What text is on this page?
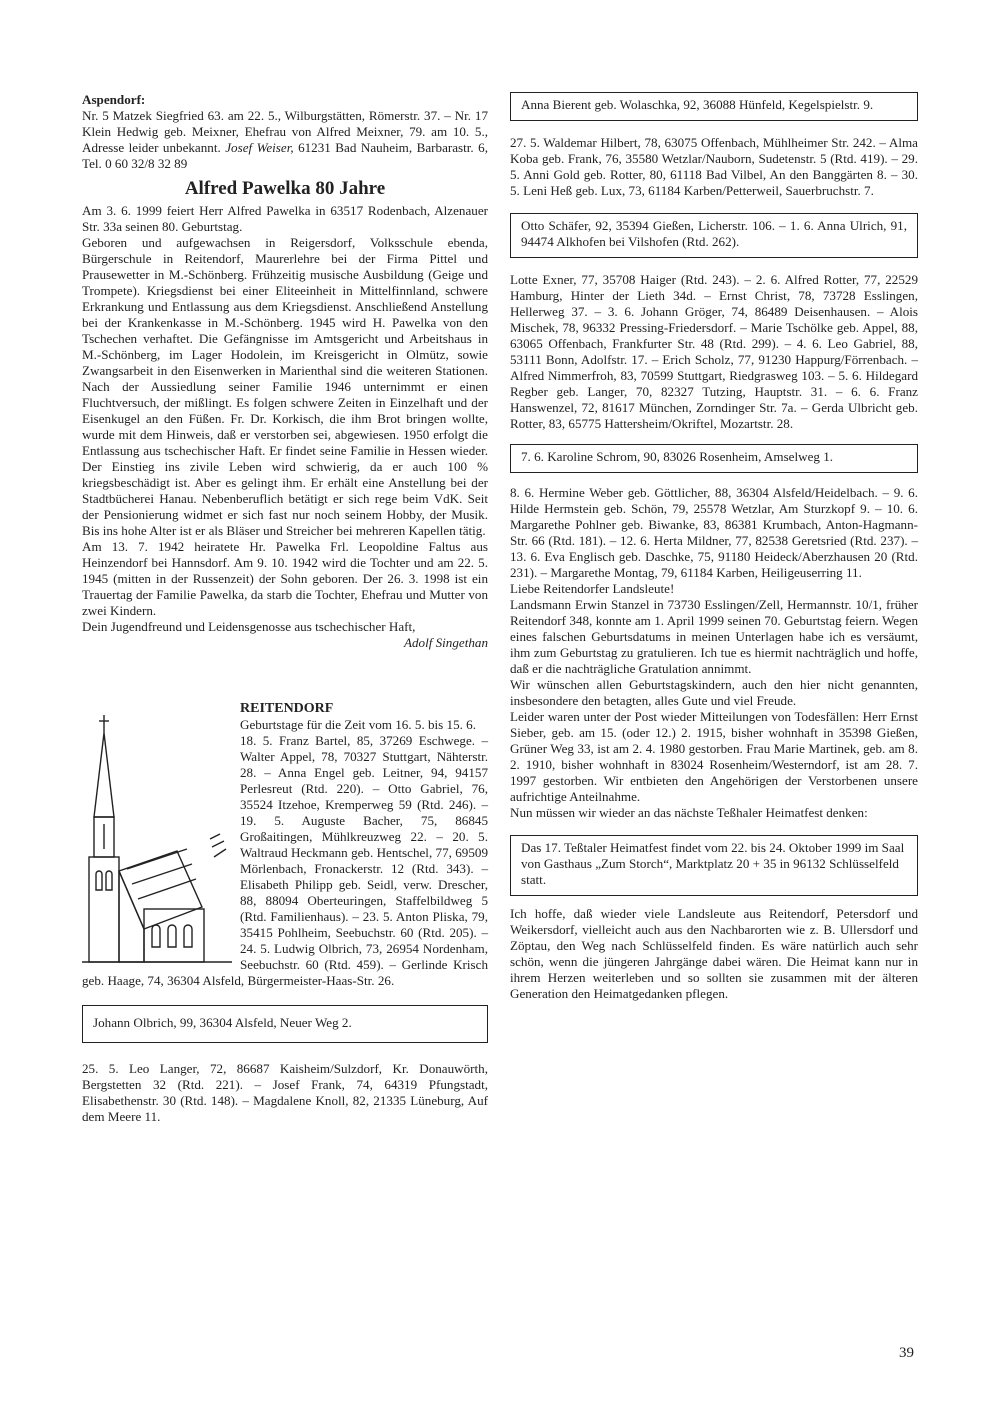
Aspendorf:

Nr. 5 Matzek Siegfried 63. am 22. 5., Wilburgstätten, Römerstr. 37. – Nr. 17 Klein Hedwig geb. Meixner, Ehefrau von Alfred Meixner, 79. am 10. 5., Adresse leider unbekannt. Josef Weiser, 61231 Bad Nauheim, Barbarastr. 6, Tel. 0 60 32/8 32 89

Alfred Pawelka 80 Jahre

Am 3. 6. 1999 feiert Herr Alfred Pawelka in 63517 Rodenbach, Alzenauer Str. 33a seinen 80. Geburtstag.

Geboren und aufgewachsen in Reigersdorf, Volksschule ebenda, Bürgerschule in Reitendorf, Maurerlehre bei der Firma Pittel und Prausewetter in M.-Schönberg. Frühzeitig musische Ausbildung (Geige und Trompete). Kriegsdienst bei einer Eliteeinheit in Mittelfinnland, schwere Erkrankung und Entlassung aus dem Kriegsdienst. Anschließend Anstellung bei der Krankenkasse in M.-Schönberg. 1945 wird H. Pawelka von den Tschechen verhaftet. Die Gefängnisse im Amtsgericht und Arbeitshaus in M.-Schönberg, im Lager Hodolein, im Kreisgericht in Olmütz, sowie Zwangsarbeit in den Eisenwerken in Marienthal sind die weiteren Stationen. Nach der Aussiedlung seiner Familie 1946 unternimmt er einen Fluchtversuch, der mißlingt. Es folgen schwere Zeiten in Einzelhaft und der Eisenkugel an den Füßen. Fr. Dr. Korkisch, die ihm Brot bringen wollte, wurde mit dem Hinweis, daß er verstorben sei, abgewiesen. 1950 erfolgt die Entlassung aus tschechischer Haft. Er findet seine Familie in Hessen wieder. Der Einstieg ins zivile Leben wird schwierig, da er auch 100 % kriegsbeschädigt ist. Aber es gelingt ihm. Er erhält eine Anstellung bei der Stadtbücherei Hanau. Nebenberuflich betätigt er sich rege beim VdK. Seit der Pensionierung widmet er sich fast nur noch seinem Hobby, der Musik. Bis ins hohe Alter ist er als Bläser und Streicher bei mehreren Kapellen tätig.

Am 13. 7. 1942 heiratete Hr. Pawelka Frl. Leopoldine Faltus aus Heinzendorf bei Hannsdorf. Am 9. 10. 1942 wird die Tochter und am 22. 5. 1945 (mitten in der Russenzeit) der Sohn geboren. Der 26. 3. 1998 ist ein Trauertag der Familie Pawelka, da starb die Tochter, Ehefrau und Mutter von zwei Kindern.

Dein Jugendfreund und Leidensgenosse aus tschechischer Haft,

Adolf Singethan

REITENDORF

Geburtstage für die Zeit vom 16. 5. bis 15. 6.

18. 5. Franz Bartel, 85, 37269 Eschwege. – Walter Appel, 78, 70327 Stuttgart, Nähterstr. 28. – Anna Engel geb. Leitner, 94, 94157 Perlesreut (Rtd. 220). – Otto Gabriel, 76, 35524 Itzehoe, Kremperweg 59 (Rtd. 246). – 19. 5. Auguste Bacher, 75, 86845 Großaitingen, Mühlkreuzweg 22. – 20. 5. Waltraud Heckmann geb. Hentschel, 77, 69509 Mörlenbach, Fronackerstr. 12 (Rtd. 343). – Elisabeth Philipp geb. Seidl, verw. Drescher, 88, 88094 Oberteuringen, Staffelbildweg 5 (Rtd. Familienhaus). – 23. 5. Anton Pliska, 79, 35415 Pohlheim, Seebuchstr. 60 (Rtd. 205). – 24. 5. Ludwig Olbrich, 73, 26954 Nordenham, Seebuchstr. 60 (Rtd. 459). – Gerlinde Krisch geb. Haage, 74, 36304 Alsfeld, Bürgermeister-Haas-Str. 26.

Johann Olbrich, 99, 36304 Alsfeld, Neuer Weg 2.

25. 5. Leo Langer, 72, 86687 Kaisheim/Sulzdorf, Kr. Donauwörth, Bergstetten 32 (Rtd. 221). – Josef Frank, 74, 64319 Pfungstadt, Elisabethenstr. 30 (Rtd. 148). – Magdalene Knoll, 82, 21335 Lüneburg, Auf dem Meere 11.

Anna Bierent geb. Wolaschka, 92, 36088 Hünfeld, Kegelspielstr. 9.

27. 5. Waldemar Hilbert, 78, 63075 Offenbach, Mühlheimer Str. 242. – Alma Koba geb. Frank, 76, 35580 Wetzlar/Nauborn, Sudetenstr. 5 (Rtd. 419). – 29. 5. Anni Gold geb. Rotter, 80, 61118 Bad Vilbel, An den Banggärten 8. – 30. 5. Leni Heß geb. Lux, 73, 61184 Karben/Petterweil, Sauerbruchstr. 7.

Otto Schäfer, 92, 35394 Gießen, Licherstr. 106. – 1. 6. Anna Ulrich, 91, 94474 Alkhofen bei Vilshofen (Rtd. 262).

Lotte Exner, 77, 35708 Haiger (Rtd. 243). – 2. 6. Alfred Rotter, 77, 22529 Hamburg, Hinter der Lieth 34d. – Ernst Christ, 78, 73728 Esslingen, Hellerweg 37. – 3. 6. Johann Gröger, 74, 86489 Deisenhausen. – Alois Mischek, 78, 96332 Pressing-Friedersdorf. – Marie Tschölke geb. Appel, 88, 63065 Offenbach, Frankfurter Str. 48 (Rtd. 299). – 4. 6. Leo Gabriel, 88, 53111 Bonn, Adolfstr. 17. – Erich Scholz, 77, 91230 Happurg/Förrenbach. – Alfred Nimmerfroh, 83, 70599 Stuttgart, Riedgrasweg 103. – 5. 6. Hildegard Regber geb. Langer, 70, 82327 Tutzing, Hauptstr. 31. – 6. 6. Franz Hanswenzel, 72, 81617 München, Zorndinger Str. 7a. – Gerda Ulbricht geb. Rotter, 83, 65775 Hattersheim/Okriftel, Mozartstr. 28.

7. 6. Karoline Schrom, 90, 83026 Rosenheim, Amselweg 1.

8. 6. Hermine Weber geb. Göttlicher, 88, 36304 Alsfeld/Heidelbach. – 9. 6. Hilde Hermstein geb. Schön, 79, 25578 Wetzlar, Am Sturzkopf 9. – 10. 6. Margarethe Pohlner geb. Biwanke, 83, 86381 Krumbach, Anton-Hagmann-Str. 66 (Rtd. 181). – 12. 6. Herta Mildner, 77, 82538 Geretsried (Rtd. 237). – 13. 6. Eva Englisch geb. Daschke, 75, 91180 Heideck/Aberzhausen 20 (Rtd. 231). – Margarethe Montag, 79, 61184 Karben, Heiligeuserring 11.

Liebe Reitendorfer Landsleute!

Landsmann Erwin Stanzel in 73730 Esslingen/Zell, Hermannstr. 10/1, früher Reitendorf 348, konnte am 1. April 1999 seinen 70. Geburtstag feiern. Wegen eines falschen Geburtsdatums in meinen Unterlagen habe ich es versäumt, ihm zum Geburtstag zu gratulieren. Ich tue es hiermit nachträglich und hoffe, daß er die nachträgliche Gratulation annimmt.

Wir wünschen allen Geburtstagskindern, auch den hier nicht genannten, insbesondere den betagten, alles Gute und viel Freude.

Leider waren unter der Post wieder Mitteilungen von Todesfällen: Herr Ernst Sieber, geb. am 15. (oder 12.) 2. 1915, bisher wohnhaft in 35398 Gießen, Grüner Weg 33, ist am 2. 4. 1980 gestorben. Frau Marie Martinek, geb. am 8. 2. 1910, bisher wohnhaft in 83024 Rosenheim/Westerndorf, ist am 28. 7. 1997 gestorben. Wir entbieten den Angehörigen der Verstorbenen unsere aufrichtige Anteilnahme.

Nun müssen wir wieder an das nächste Teßhaler Heimatfest denken:

Das 17. Teßtaler Heimatfest findet vom 22. bis 24. Oktober 1999 im Saal von Gasthaus „Zum Storch“, Marktplatz 20 + 35 in 96132 Schlüsselfeld statt.

Ich hoffe, daß wieder viele Landsleute aus Reitendorf, Petersdorf und Weikersdorf, vielleicht auch aus den Nachbarorten wie z. B. Ullersdorf und Zöptau, den Weg nach Schlüsselfeld finden. Es wäre natürlich auch sehr schön, wenn die jüngeren Jahrgänge dabei wären. Die Heimat kann nur in ihrem Herzen weiterleben und so sollten sie zusammen mit der älteren Generation den Heimatgedanken pflegen.

39
